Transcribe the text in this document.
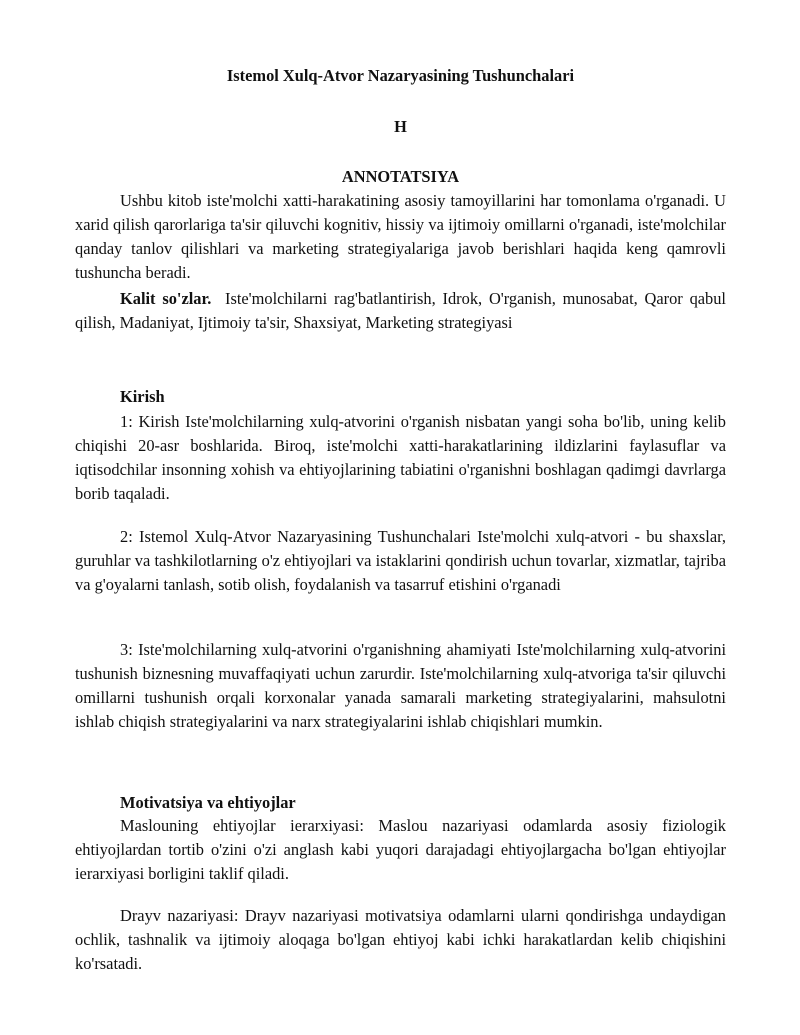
Istemol Xulq-Atvor Nazaryasining Tushunchalari
H
ANNOTATSIYA
Ushbu kitob iste'molchi xatti-harakatining asosiy tamoyillarini har tomonlama o'rganadi. U xarid qilish qarorlariga ta'sir qiluvchi kognitiv, hissiy va ijtimoiy omillarni o'rganadi, iste'molchilar qanday tanlov qilishlari va marketing strategiyalariga javob berishlari haqida keng qamrovli tushuncha beradi.
Kalit so'zlar. Iste'molchilarni rag'batlantirish, Idrok, O'rganish, munosabat, Qaror qabul qilish, Madaniyat, Ijtimoiy ta'sir, Shaxsiyat, Marketing strategiyasi
Kirish
1: Kirish Iste'molchilarning xulq-atvorini o'rganish nisbatan yangi soha bo'lib, uning kelib chiqishi 20-asr boshlarida. Biroq, iste'molchi xatti-harakatlarining ildizlarini faylasuflar va iqtisodchilar insonning xohish va ehtiyojlarining tabiatini o'rganishni boshlagan qadimgi davrlarga borib taqaladi.
2: Istemol Xulq-Atvor Nazaryasining Tushunchalari Iste'molchi xulq-atvori - bu shaxslar, guruhlar va tashkilotlarning o'z ehtiyojlari va istaklarini qondirish uchun tovarlar, xizmatlar, tajriba va g'oyalarni tanlash, sotib olish, foydalanish va tasarruf etishini o'rganadi
3: Iste'molchilarning xulq-atvorini o'rganishning ahamiyati Iste'molchilarning xulq-atvorini tushunish biznesning muvaffaqiyati uchun zarurdir. Iste'molchilarning xulq-atvoriga ta'sir qiluvchi omillarni tushunish orqali korxonalar yanada samarali marketing strategiyalarini, mahsulotni ishlab chiqish strategiyalarini va narx strategiyalarini ishlab chiqishlari mumkin.
Motivatsiya va ehtiyojlar
Maslouning ehtiyojlar ierarxiyasi: Maslou nazariyasi odamlarda asosiy fiziologik ehtiyojlardan tortib o'zini o'zi anglash kabi yuqori darajadagi ehtiyojlargacha bo'lgan ehtiyojlar ierarxiyasi borligini taklif qiladi.
Drayv nazariyasi: Drayv nazariyasi motivatsiya odamlarni ularni qondirishga undaydigan ochlik, tashnalik va ijtimoiy aloqaga bo'lgan ehtiyoj kabi ichki harakatlardan kelib chiqishini ko'rsatadi.
